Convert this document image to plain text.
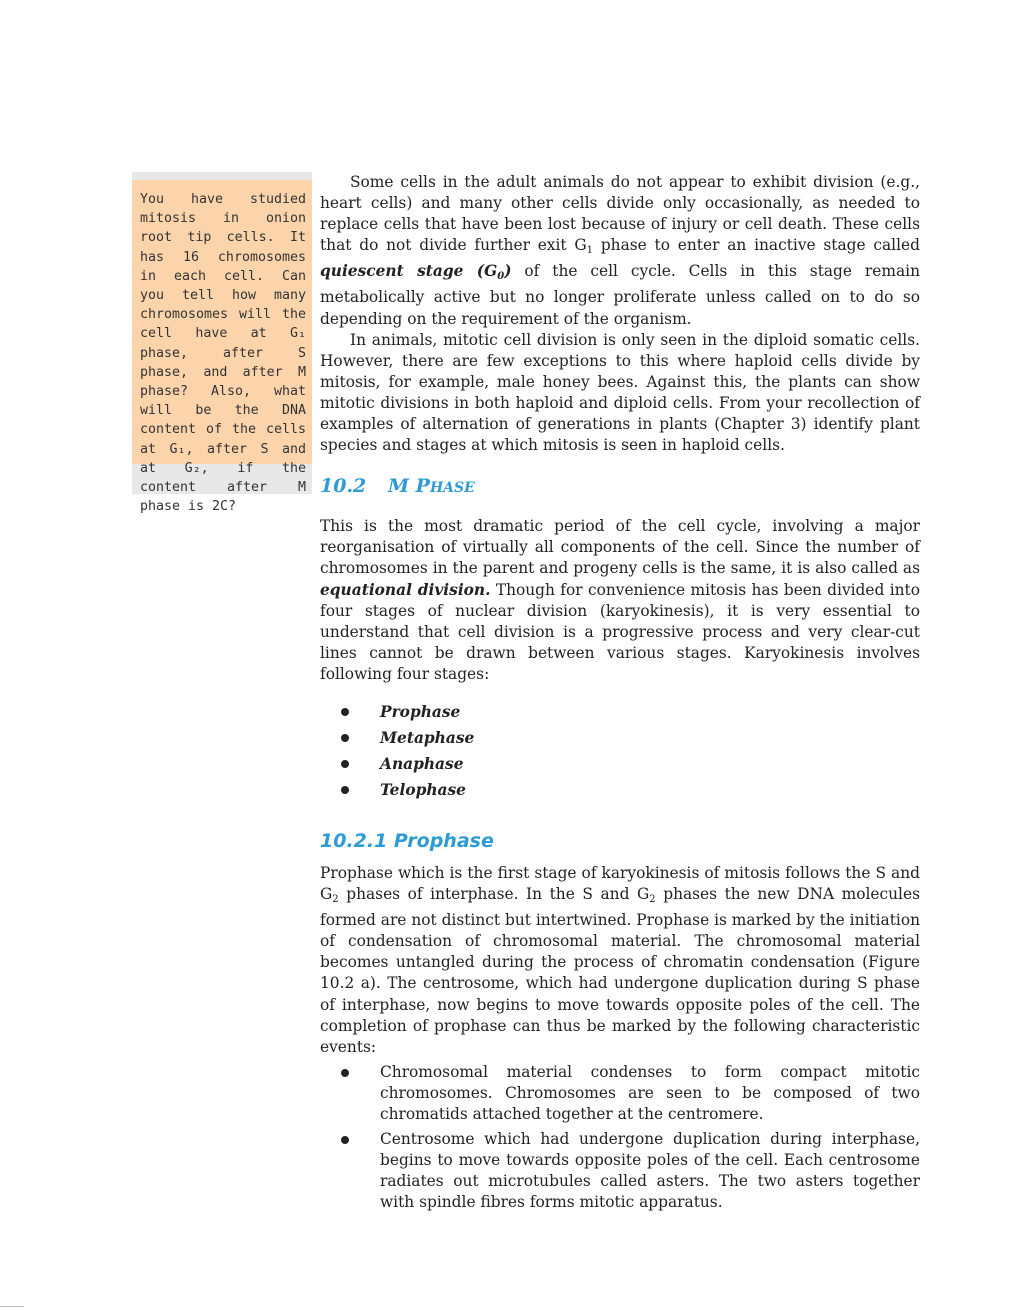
You have studied mitosis in onion root tip cells. It has 16 chromosomes in each cell. Can you tell how many chromosomes will the cell have at G₁ phase, after S phase, and after M phase? Also, what will be the DNA content of the cells at G₁, after S and at G₂, if the content after M phase is 2C?

Some cells in the adult animals do not appear to exhibit division (e.g., heart cells) and many other cells divide only occasionally, as needed to replace cells that have been lost because of injury or cell death. These cells that do not divide further exit $G_1$ phase to enter an inactive stage called quiescent stage $(G_0)$ of the cell cycle. Cells in this stage remain metabolically active but no longer proliferate unless called on to do so depending on the requirement of the organism.

In animals, mitotic cell division is only seen in the diploid somatic cells. However, there are few exceptions to this where haploid cells divide by mitosis, for example, male honey bees. Against this, the plants can show mitotic divisions in both haploid and diploid cells. From your recollection of examples of alternation of generations in plants (Chapter 3) identify plant species and stages at which mitosis is seen in haploid cells.

10.2 M PHASE

This is the most dramatic period of the cell cycle, involving a major reorganisation of virtually all components of the cell. Since the number of chromosomes in the parent and progeny cells is the same, it is also called as equational division. Though for convenience mitosis has been divided into four stages of nuclear division (karyokinesis), it is very essential to understand that cell division is a progressive process and very clear-cut lines cannot be drawn between various stages. Karyokinesis involves following four stages:

Prophase
Metaphase
Anaphase
Telophase
10.2.1 Prophase

Prophase which is the first stage of karyokinesis of mitosis follows the S and $G_2$ phases of interphase. In the S and $G_2$ phases the new DNA molecules formed are not distinct but intertwined. Prophase is marked by the initiation of condensation of chromosomal material. The chromosomal material becomes untangled during the process of chromatin condensation (Figure 10.2 a). The centrosome, which had undergone duplication during S phase of interphase, now begins to move towards opposite poles of the cell. The completion of prophase can thus be marked by the following characteristic events:

Chromosomal material condenses to form compact mitotic chromosomes. Chromosomes are seen to be composed of two chromatids attached together at the centromere.
Centrosome which had undergone duplication during interphase, begins to move towards opposite poles of the cell. Each centrosome radiates out microtubules called asters. The two asters together with spindle fibres forms mitotic apparatus.
